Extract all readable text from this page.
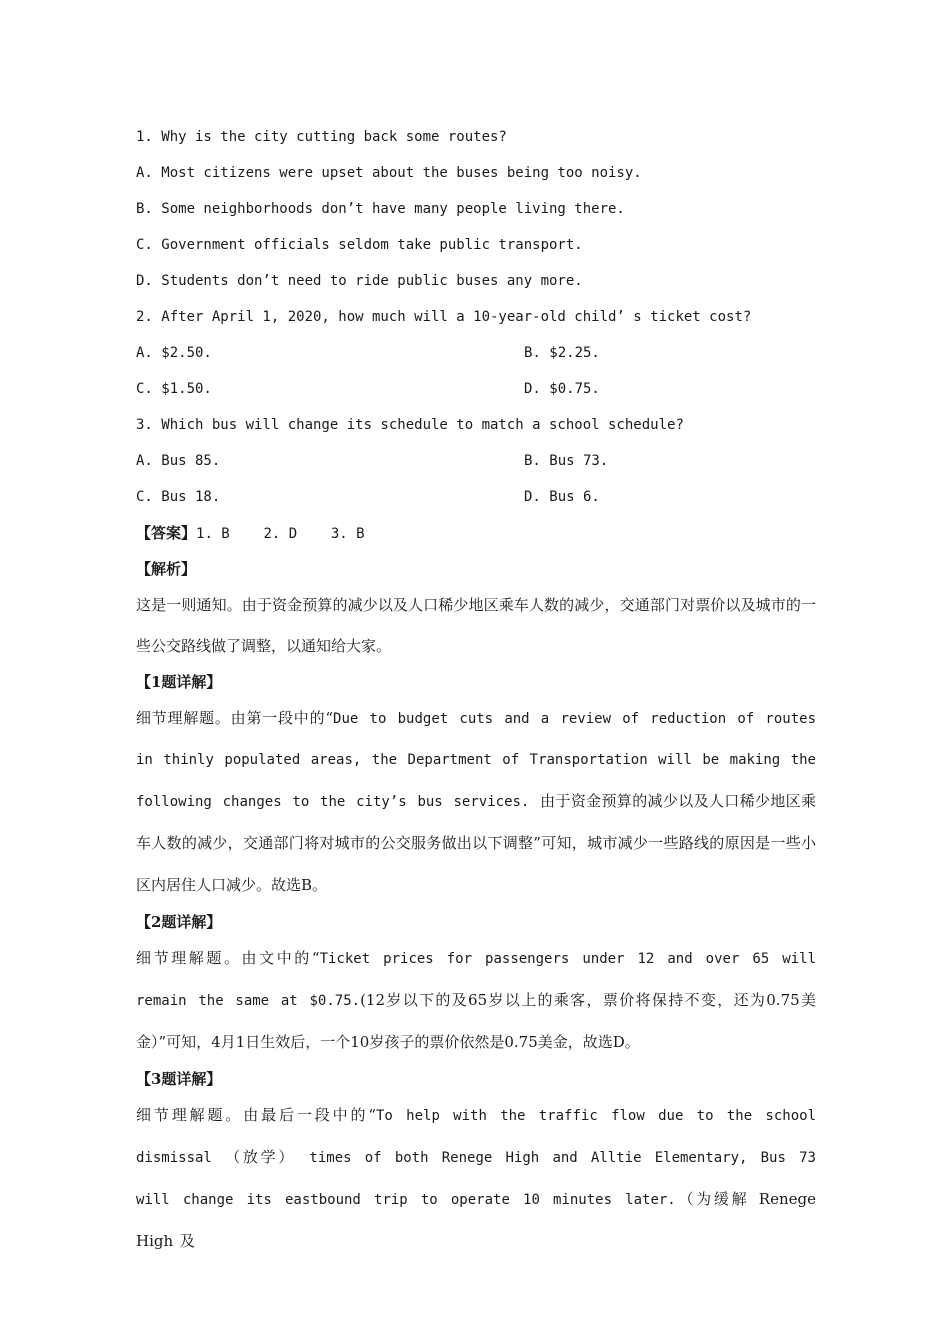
1. Why is the city cutting back some routes?
A. Most citizens were upset about the buses being too noisy.
B. Some neighborhoods don’t have many people living there.
C. Government officials seldom take public transport.
D. Students don’t need to ride public buses any more.
2. After April 1, 2020, how much will a 10-year-old child’ s ticket cost?
A. $2.50.	B. $2.25.
C. $1.50.	D. $0.75.
3. Which bus will change its schedule to match a school schedule?
A. Bus 85.	B. Bus 73.
C. Bus 18.	D. Bus 6.
【答案】1. B    2. D    3. B
【解析】
这是一则通知。由于资金预算的减少以及人口稀少地区乘车人数的减少，交通部门对票价以及城市的一些公交路线做了调整，以通知给大家。
【1题详解】
细节理解题。由第一段中的“Due to budget cuts and a review of reduction of routes in thinly populated areas, the Department of Transportation will be making the following changes to the city’s bus services. 由于资金预算的减少以及人口稀少地区乘车人数的减少，交通部门将对城市的公交服务做出以下调整”可知，城市减少一些路线的原因是一些小区内居住人口减少。故选B。
【2题详解】
细节理解题。由文中的“Ticket prices for passengers under 12 and over 65 will remain the same at $0.75.(12岁以下的及65岁以上的乘客，票价将保持不变，还为0.75美金）”可知，4月1日生效后，一个10岁孩子的票价依然是0.75美金，故选D。
【3题详解】
细节理解题。由最后一段中的“To help with the traffic flow due to the school dismissal （放学） times of both Renege High and Alltie Elementary, Bus 73 will change its eastbound trip to operate 10 minutes later.（为缓解 Renege High 及
